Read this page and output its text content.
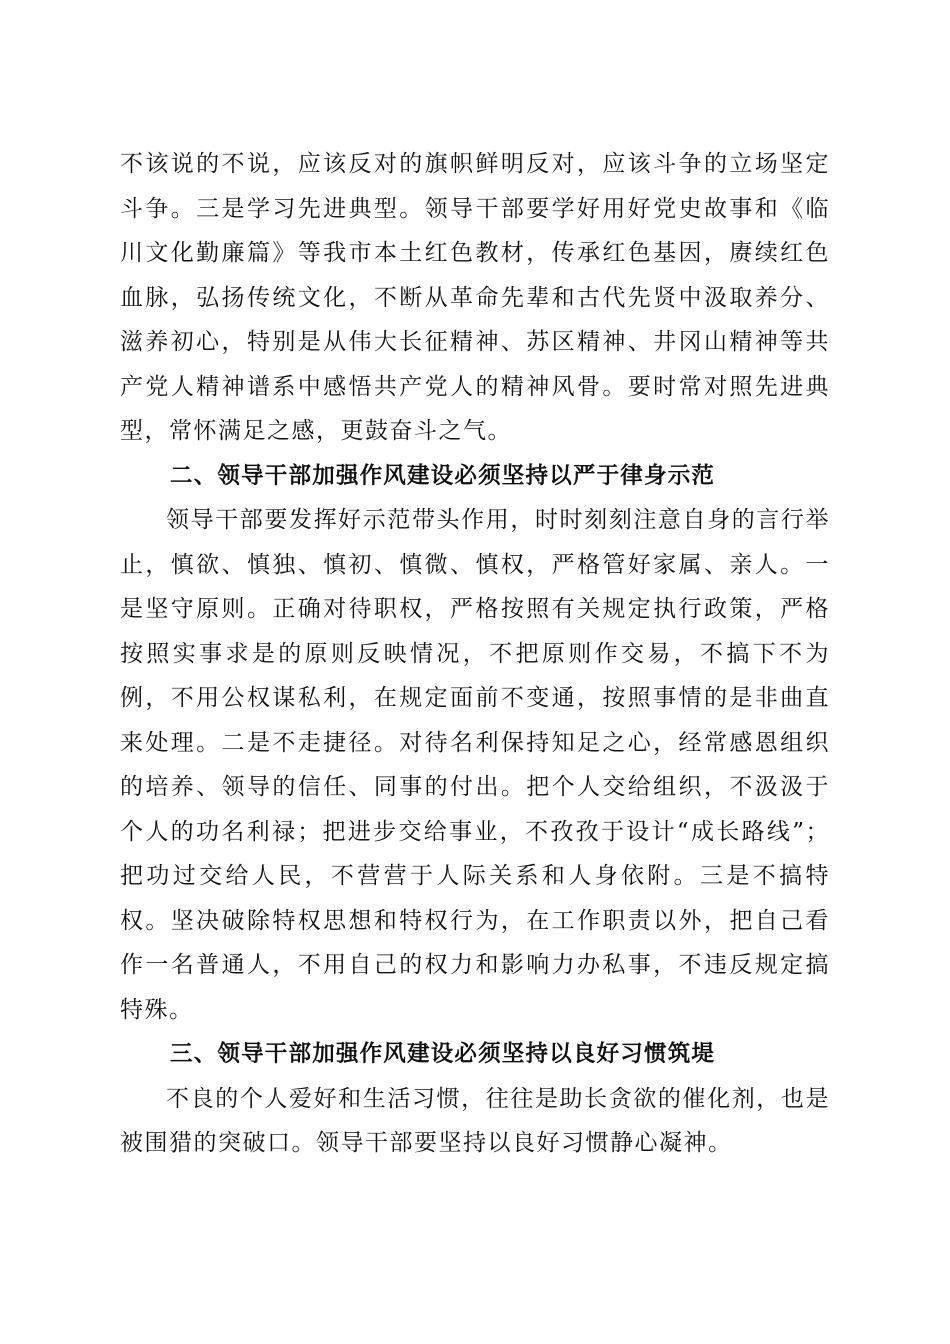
不该说的不说，应该反对的旗帜鲜明反对，应该斗争的立场坚定斗争。三是学习先进典型。领导干部要学好用好党史故事和《临川文化勤廉篇》等我市本土红色教材，传承红色基因，赓续红色血脉，弘扬传统文化，不断从革命先辈和古代先贤中汲取养分、滋养初心，特别是从伟大长征精神、苏区精神、井冈山精神等共产党人精神谱系中感悟共产党人的精神风骨。要时常对照先进典型，常怀满足之感，更鼓奋斗之气。

二、领导干部加强作风建设必须坚持以严于律身示范

领导干部要发挥好示范带头作用，时时刻刻注意自身的言行举止，慎欲、慎独、慎初、慎微、慎权，严格管好家属、亲人。一是坚守原则。正确对待职权，严格按照有关规定执行政策，严格按照实事求是的原则反映情况，不把原则作交易，不搞下不为例，不用公权谋私利，在规定面前不变通，按照事情的是非曲直来处理。二是不走捷径。对待名利保持知足之心，经常感恩组织的培养、领导的信任、同事的付出。把个人交给组织，不汲汲于个人的功名利禄；把进步交给事业，不孜孜于设计“成长路线”；把功过交给人民，不营营于人际关系和人身依附。三是不搞特权。坚决破除特权思想和特权行为，在工作职责以外，把自己看作一名普通人，不用自己的权力和影响力办私事，不违反规定搞特殊。

三、领导干部加强作风建设必须坚持以良好习惯筑堤

不良的个人爱好和生活习惯，往往是助长贪欲的催化剂，也是被围猎的突破口。领导干部要坚持以良好习惯静心凝神。
